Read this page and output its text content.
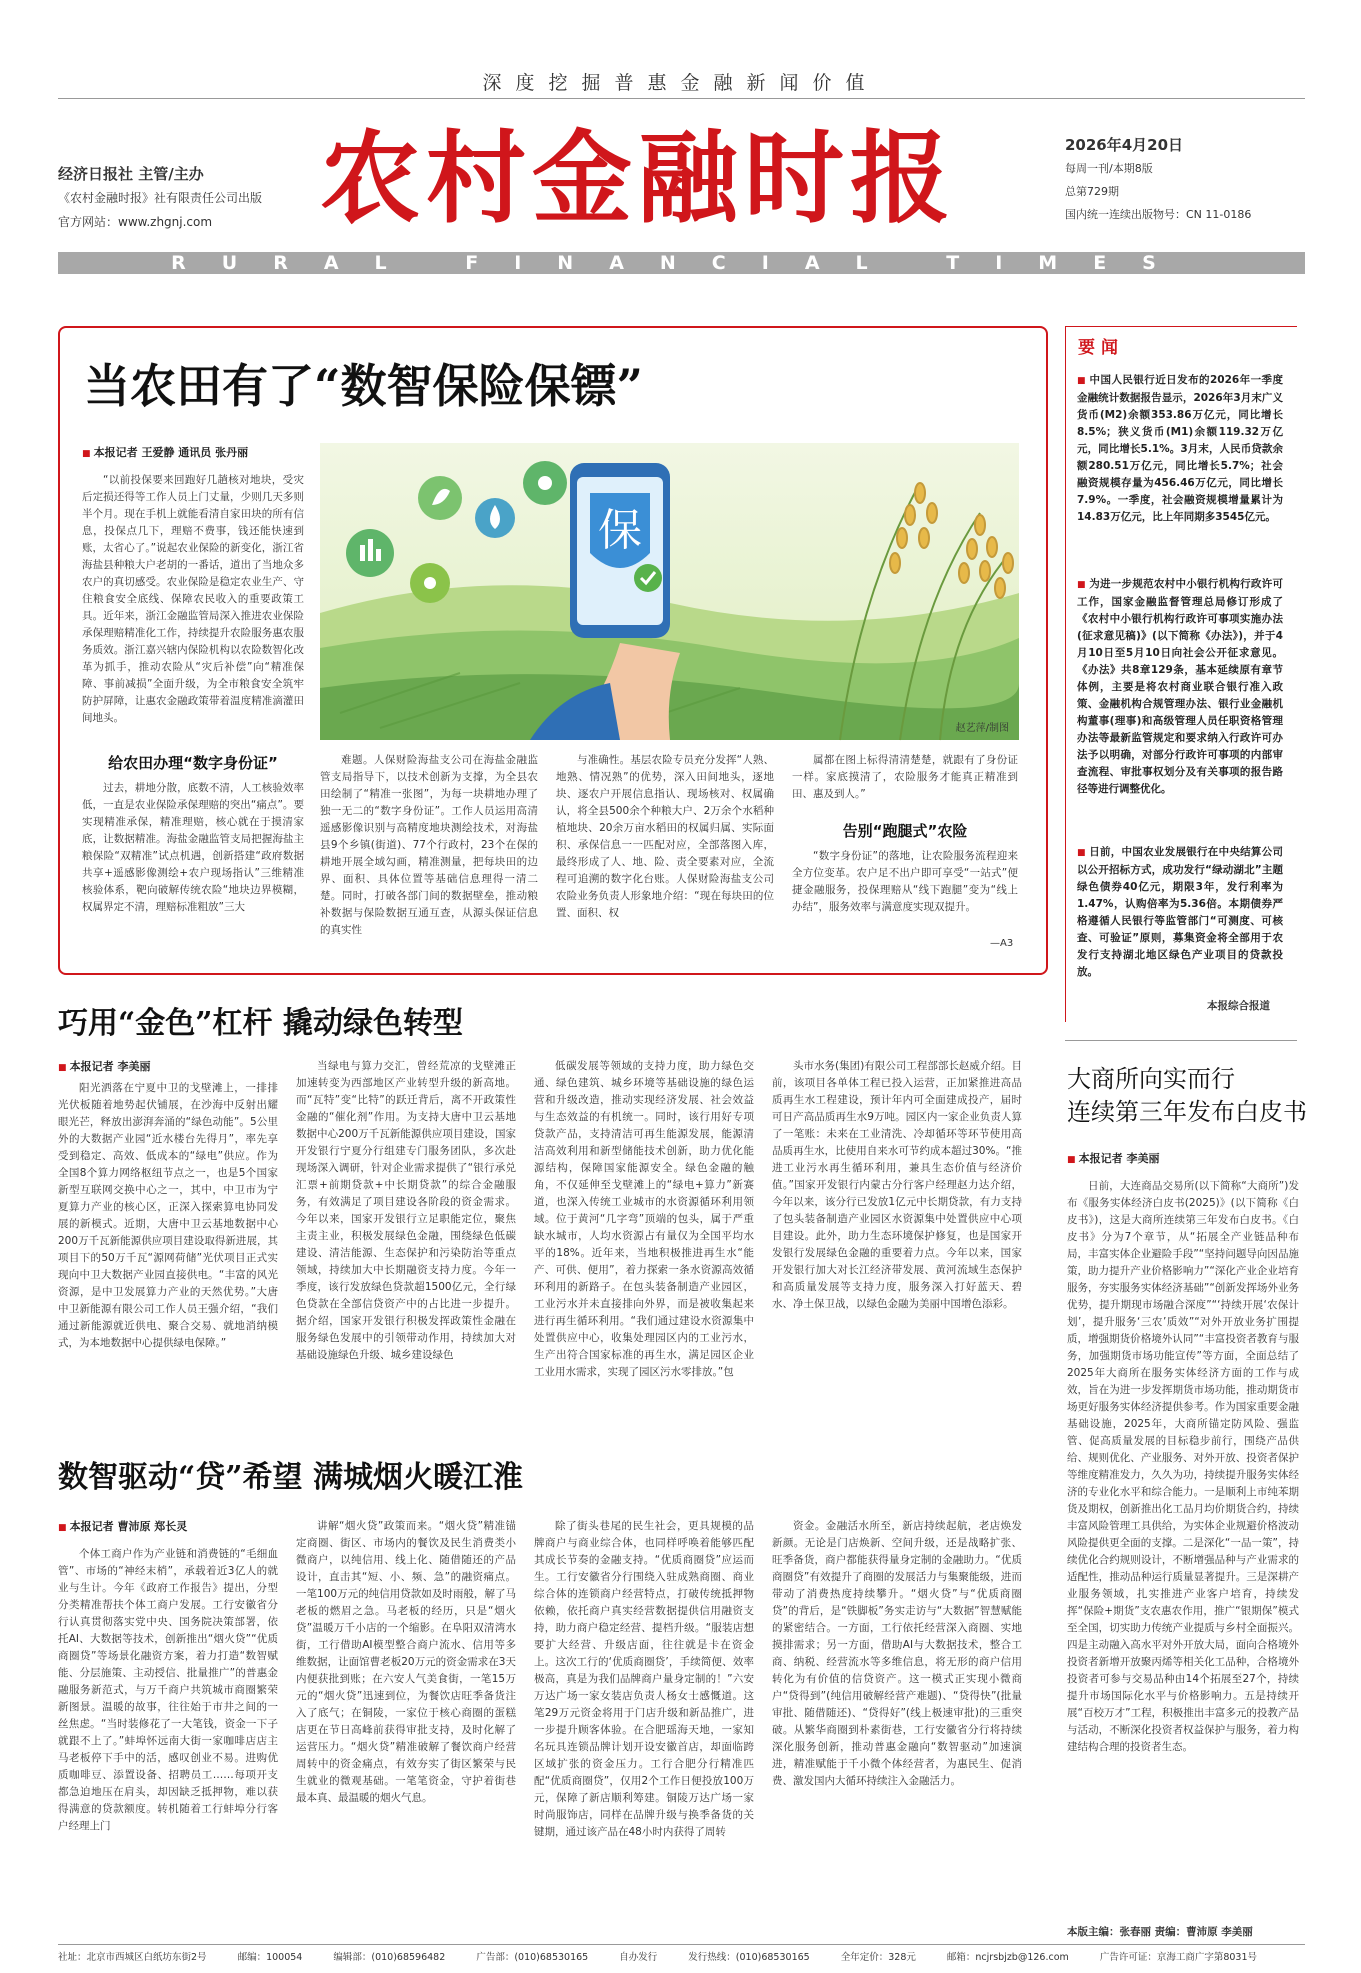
深度挖掘普惠金融新闻价值
经济日报社 主管/主办
《农村金融时报》社有限责任公司出版
官方网站：www.zhgnj.com	农村金融时报	2026年4月20日
每周一刊/本期8版
总第729期
国内统一连续出版物号：CN 11-0186
RURAL FINANCIAL TIMES
当农田有了“数智保险保镖”
■ 本报记者 王爱静 通讯员 张丹丽

“以前投保要来回跑好几趟核对地块，受灾后定损还得等工作人员上门丈量，少则几天多则半个月。现在手机上就能看清自家田块的所有信息，投保点几下，理赔不费事，钱还能快速到账，太省心了。”说起农业保险的新变化，浙江省海盐县种粮大户老胡的一番话，道出了当地众多农户的真切感受。农业保险是稳定农业生产、守住粮食安全底线、保障农民收入的重要政策工具。近年来，浙江金融监管局深入推进农业保险承保理赔精准化工作，持续提升农险服务惠农服务质效。浙江嘉兴辖内保险机构以农险数智化改革为抓手，推动农险从“灾后补偿”向“精准保障、事前减损”全面升级，为全市粮食安全筑牢防护屏障，让惠农金融政策带着温度精准滴灌田间地头。

保
赵艺萍/制图
给农田办理“数字身份证”

过去，耕地分散，底数不清，人工核验效率低，一直是农业保险承保理赔的突出“痛点”。要实现精准承保，精准理赔，核心就在于摸清家底，让数据精准。海盐金融监管支局把握海盐主粮保险“双精准”试点机遇，创新搭建“政府数据共享+遥感影像测绘+农户现场指认”三维精准核验体系，靶向破解传统农险“地块边界模糊，权属界定不清，理赔标准粗放”三大

难题。人保财险海盐支公司在海盐金融监管支局指导下，以技术创新为支撑，为全县农田绘制了“精准一张图”，为每一块耕地办理了独一无二的“数字身份证”。工作人员运用高清遥感影像识别与高精度地块测绘技术，对海盐县9个乡镇(街道)、77个行政村，23个在保的耕地开展全域勾画，精准测量，把每块田的边界、面积、具体位置等基础信息理得一清二楚。同时，打破各部门间的数据壁垒，推动粮补数据与保险数据互通互查，从源头保证信息的真实性

与准确性。基层农险专员充分发挥“人熟、地熟、情况熟”的优势，深入田间地头，逐地块、逐农户开展信息指认、现场核对、权属确认，将全县500余个种粮大户、2万余个水稻种植地块、20余万亩水稻田的权属归属、实际面积、承保信息一一匹配对应，全部落图入库，最终形成了人、地、险、责全要素对应，全流程可追溯的数字化台账。人保财险海盐支公司农险业务负责人形象地介绍：“现在每块田的位置、面积、权

属都在图上标得清清楚楚，就跟有了身份证一样。家底摸清了，农险服务才能真正精准到田、惠及到人。”

告别“跑腿式”农险

“数字身份证”的落地，让农险服务流程迎来全方位变革。农户足不出户即可享受“一站式”便捷金融服务，投保理赔从“线下跑腿”变为“线上办结”，服务效率与满意度实现双提升。

—A3
要闻
■ 中国人民银行近日发布的2026年一季度金融统计数据报告显示，2026年3月末广义货币(M2)余额353.86万亿元，同比增长8.5%；狭义货币(M1)余额119.32万亿元，同比增长5.1%。3月末，人民币贷款余额280.51万亿元，同比增长5.7%；社会融资规模存量为456.46万亿元，同比增长7.9%。一季度，社会融资规模增量累计为14.83万亿元，比上年同期多3545亿元。
■ 为进一步规范农村中小银行机构行政许可工作，国家金融监督管理总局修订形成了《农村中小银行机构行政许可事项实施办法(征求意见稿)》(以下简称《办法》)，并于4月10日至5月10日向社会公开征求意见。《办法》共8章129条，基本延续原有章节体例，主要是将农村商业联合银行准入政策、金融机构合规管理办法、银行业金融机构董事(理事)和高级管理人员任职资格管理办法等最新监管规定和要求纳入行政许可办法予以明确，对部分行政许可事项的内部审查流程、审批事权划分及有关事项的报告路径等进行调整优化。
■ 日前，中国农业发展银行在中央结算公司以公开招标方式，成功发行“绿动湖北”主题绿色债券40亿元，期限3年，发行利率为1.47%，认购倍率为5.36倍。本期债券严格遵循人民银行等监管部门“可测度、可核查、可验证”原则，募集资金将全部用于农发行支持湖北地区绿色产业项目的贷款投放。
本报综合报道
巧用“金色”杠杆 撬动绿色转型
■ 本报记者 李美丽

阳光洒落在宁夏中卫的戈壁滩上，一排排光伏板随着地势起伏铺展，在沙海中反射出耀眼光芒，释放出澎湃奔涌的“绿色动能”。5公里外的大数据产业园“近水楼台先得月”，率先享受到稳定、高效、低成本的“绿电”供应。作为全国8个算力网络枢纽节点之一，也是5个国家新型互联网交换中心之一，其中，中卫市为宁夏算力产业的核心区，正深入探索算电协同发展的新模式。近期，大唐中卫云基地数据中心200万千瓦新能源供应项目建设取得新进展，其项目下的50万千瓦“源网荷储”光伏项目正式实现向中卫大数据产业园直接供电。“丰富的风光资源，是中卫发展算力产业的天然优势。”大唐中卫新能源有限公司工作人员王强介绍，“我们通过新能源就近供电、聚合交易、就地消纳模式，为本地数据中心提供绿电保障。”

当绿电与算力交汇，曾经荒凉的戈壁滩正加速转变为西部地区产业转型升级的新高地。而“瓦特”变“比特”的跃迁背后，离不开政策性金融的“催化剂”作用。为支持大唐中卫云基地数据中心200万千瓦新能源供应项目建设，国家开发银行宁夏分行组建专门服务团队，多次赴现场深入调研，针对企业需求提供了“银行承兑汇票+前期贷款+中长期贷款”的综合金融服务，有效满足了项目建设各阶段的资金需求。今年以来，国家开发银行立足职能定位，聚焦主责主业，积极发展绿色金融，围绕绿色低碳建设、清洁能源、生态保护和污染防治等重点领域，持续加大中长期融资支持力度。今年一季度，该行发放绿色贷款超1500亿元，全行绿色贷款在全部信贷资产中的占比进一步提升。据介绍，国家开发银行积极发挥政策性金融在服务绿色发展中的引领带动作用，持续加大对基础设施绿色升级、城乡建设绿色

低碳发展等领域的支持力度，助力绿色交通、绿色建筑、城乡环境等基础设施的绿色运营和升级改造，推动实现经济发展、社会效益与生态效益的有机统一。同时，该行用好专项贷款产品，支持清洁可再生能源发展，能源清洁高效利用和新型储能技术创新，助力优化能源结构，保障国家能源安全。绿色金融的触角，不仅延伸至戈壁滩上的“绿电+算力”新赛道，也深入传统工业城市的水资源循环利用领域。位于黄河“几字弯”顶端的包头，属于严重缺水城市，人均水资源占有量仅为全国平均水平的18%。近年来，当地积极推进再生水“能产、可供、便用”，着力探索一条水资源高效循环利用的新路子。在包头装备制造产业园区，工业污水并未直接排向外界，而是被收集起来进行再生循环利用。“我们通过建设水资源集中处置供应中心，收集处理园区内的工业污水，生产出符合国家标准的再生水，满足园区企业工业用水需求，实现了园区污水零排放。”包

头市水务(集团)有限公司工程部部长赵威介绍。目前，该项目各单体工程已投入运营，正加紧推进高品质再生水工程建设，预计年内可全面建成投产，届时可日产高品质再生水9万吨。园区内一家企业负责人算了一笔账：未来在工业清洗、冷却循环等环节使用高品质再生水，比使用自来水可节约成本超过30%。“推进工业污水再生循环利用，兼具生态价值与经济价值。”国家开发银行内蒙古分行客户经理赵力达介绍，今年以来，该分行已发放1亿元中长期贷款，有力支持了包头装备制造产业园区水资源集中处置供应中心项目建设。此外，助力生态环境保护修复，也是国家开发银行发展绿色金融的重要着力点。今年以来，国家开发银行加大对长江经济带发展、黄河流域生态保护和高质量发展等支持力度，服务深入打好蓝天、碧水、净土保卫战，以绿色金融为美丽中国增色添彩。

大商所向实而行
连续第三年发布白皮书
■ 本报记者 李美丽

日前，大连商品交易所(以下简称“大商所”)发布《服务实体经济白皮书(2025)》(以下简称《白皮书》)，这是大商所连续第三年发布白皮书。《白皮书》分为7个章节，从“拓展全产业链品种布局，丰富实体企业避险手段”“坚持问题导向因品施策，助力提升产业价格影响力”“深化产业企业培育服务，夯实服务实体经济基础”“创新发挥场外业务优势，提升期现市场融合深度”“‘持续开展‘农保计划’，提升服务‘三农’质效”“对外开放业务扩围提质，增强期货价格境外认同”“丰富投资者教育与服务，加强期货市场功能宣传”等方面，全面总结了2025年大商所在服务实体经济方面的工作与成效，旨在为进一步发挥期货市场功能，推动期货市场更好服务实体经济提供参考。作为国家重要金融基础设施，2025年，大商所锚定防风险、强监管、促高质量发展的目标稳步前行，围绕产品供给、规则优化、产业服务、对外开放、投资者保护等维度精准发力，久久为功，持续提升服务实体经济的专业化水平和综合能力。一是顺利上市纯苯期货及期权，创新推出化工品月均价期货合约，持续丰富风险管理工具供给，为实体企业规避价格波动风险提供更全面的支撑。二是深化“一品一策”，持续优化合约规则设计，不断增强品种与产业需求的适配性，推动品种运行质量显著提升。三是深耕产业服务领域，扎实推进产业客户培育，持续发挥“保险+期货”支农惠农作用，推广“银期保”模式至全国，切实助力传统产业提质与乡村全面振兴。四是主动融入高水平对外开放大局，面向合格境外投资者新增开放聚丙烯等相关化工品种，合格境外投资者可参与交易品种由14个拓展至27个，持续提升市场国际化水平与价格影响力。五是持续开展“百校万才”工程，积极推出丰富多元的投教产品与活动，不断深化投资者权益保护与服务，着力构建结构合理的投资者生态。

数智驱动“贷”希望 满城烟火暖江淮
■ 本报记者 曹沛原 郑长灵

个体工商户作为产业链和消费链的“毛细血管”、市场的“神经末梢”，承载着近3亿人的就业与生计。今年《政府工作报告》提出，分型分类精准帮扶个体工商户发展。工行安徽省分行认真贯彻落实党中央、国务院决策部署，依托AI、大数据等技术，创新推出“烟火贷”“优质商圈贷”等场景化融资方案，着力打造“数智赋能、分层施策、主动授信、批量推广”的普惠金融服务新范式，与万千商户共筑城市商圈繁荣新图景。温暖的故事，往往始于市井之间的一丝焦虑。“当时装修花了一大笔钱，资金一下子就跟不上了。”蚌埠怀远南大街一家咖啡店店主马老板停下手中的活，感叹创业不易。进购优质咖啡豆、添置设备、招聘员工……每项开支都急迫地压在肩头，却因缺乏抵押物，难以获得满意的贷款额度。转机随着工行蚌埠分行客户经理上门

讲解“烟火贷”政策而来。“烟火贷”精准锚定商圈、街区、市场内的餐饮及民生消费类小微商户，以纯信用、线上化、随借随还的产品设计，直击其“短、小、频、急”的融资痛点。一笔100万元的纯信用贷款如及时雨般，解了马老板的燃眉之急。马老板的经历，只是“烟火贷”温暖万千小店的一个缩影。在阜阳双清湾水街，工行借助AI模型整合商户流水、信用等多维数据，让面馆曹老板20万元的资金需求在3天内便获批到账；在六安人气美食街，一笔15万元的“烟火贷”迅速到位，为餐饮店旺季备货注入了底气；在铜陵，一家位于核心商圈的蛋糕店更在节日高峰前获得审批支持，及时化解了运营压力。“烟火贷”精准破解了餐饮商户经营周转中的资金痛点，有效夯实了街区繁荣与民生就业的微观基础。一笔笔资金，守护着街巷最本真、最温暖的烟火气息。

除了街头巷尾的民生社会，更具规模的品牌商户与商业综合体，也同样呼唤着能够匹配其成长节奏的金融支持。“优质商圈贷”应运而生。工行安徽省分行围绕入驻成熟商圈、商业综合体的连锁商户经营特点，打破传统抵押物依赖，依托商户真实经营数据提供信用融资支持，助力商户稳定经营、提档升级。“服装店想要扩大经营、升级店面，往往就是卡在资金上。这次工行的‘优质商圈贷’，手续简便、效率极高，真是为我们品牌商户量身定制的！”六安万达广场一家女装店负责人杨女士感慨道。这笔29万元资金将用于门店升级和新品推广，进一步提升顾客体验。在合肥瑶海天地，一家知名玩具连锁品牌计划开设安徽首店，却面临跨区域扩张的资金压力。工行合肥分行精准匹配“优质商圈贷”，仅用2个工作日便投放100万元，保障了新店顺利筹建。铜陵万达广场一家时尚服饰店，同样在品牌升级与换季备货的关键期，通过该产品在48小时内获得了周转

资金。金融活水所至，新店持续起航，老店焕发新颜。无论是门店焕新、空间升级，还是战略扩张、旺季备货，商户都能获得量身定制的金融助力。“优质商圈贷”有效提升了商圈的发展活力与集聚能级，进而带动了消费热度持续攀升。“烟火贷”与“优质商圈贷”的背后，是“铁脚板”务实走访与“大数据”智慧赋能的紧密结合。一方面，工行依托经营深入商圈、实地摸排需求；另一方面，借助AI与大数据技术，整合工商、纳税、经营流水等多维信息，将无形的商户信用转化为有价值的信贷资产。这一模式正实现小微商户“贷得到”(纯信用破解经营产难题)、“贷得快”(批量审批、随借随还)、“贷得好”(线上极速审批)的三重突破。从繁华商圈到朴素街巷，工行安徽省分行将持续深化服务创新，推动普惠金融向“数智驱动”加速演进，精准赋能于千小微个体经营者，为惠民生、促消费、激发国内大循环持续注入金融活力。

本版主编：张春丽 责编：曹沛原 李美丽
社址：北京市西城区白纸坊东街2号	邮编：100054	编辑部：(010)68596482	广告部：(010)68530165	自办发行	发行热线：(010)68530165	全年定价：328元	邮箱：ncjrsbjzb@126.com	广告许可证：京海工商广字第8031号
